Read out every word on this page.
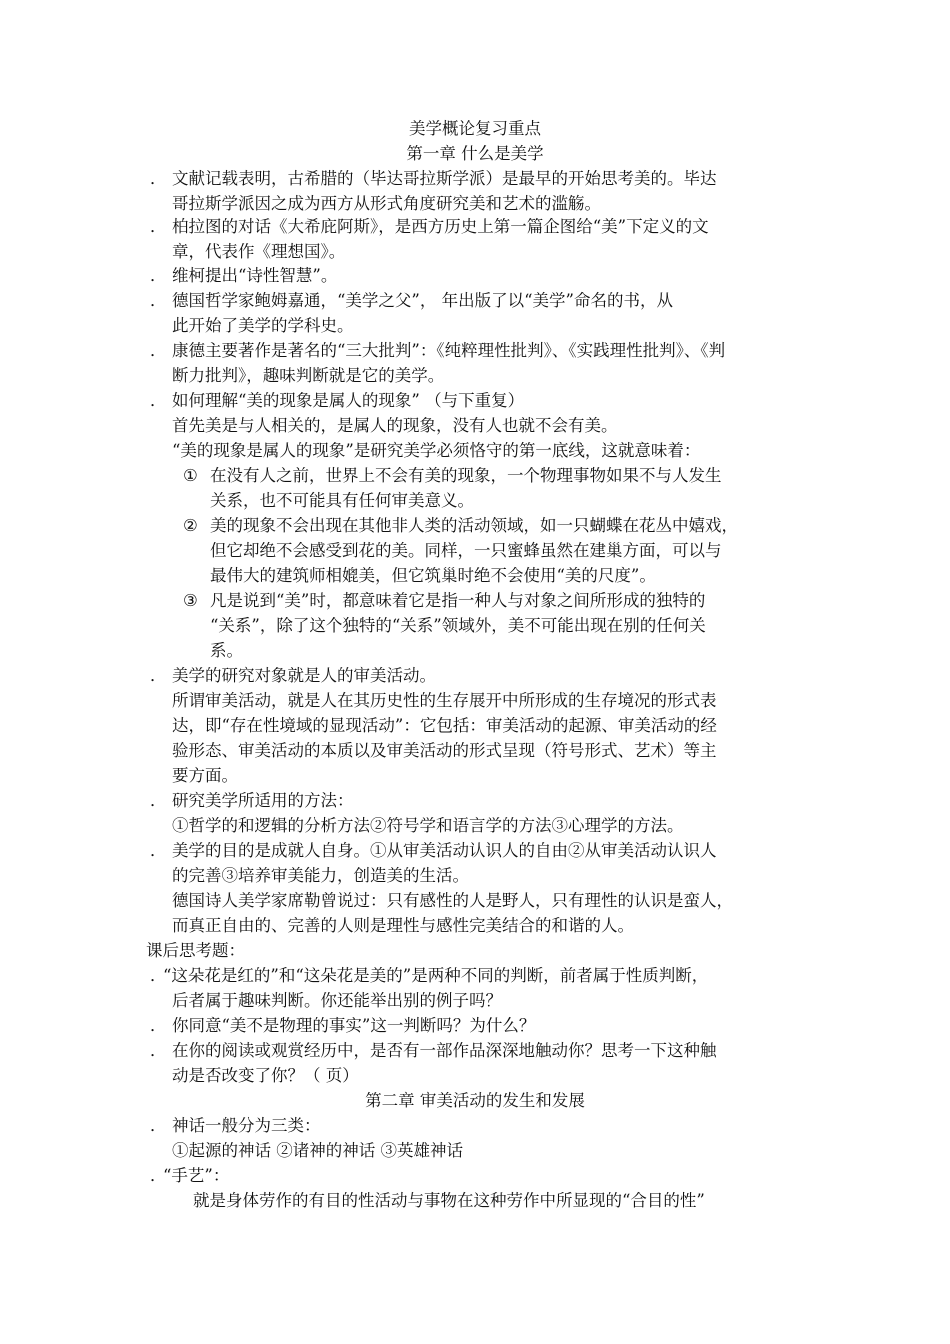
美学概论复习重点
第一章 什么是美学
． 文献记载表明，古希腊的（毕达哥拉斯学派）是最早的开始思考美的。毕达
哥拉斯学派因之成为西方从形式角度研究美和艺术的滥觞。
． 柏拉图的对话《大希庇阿斯》，是西方历史上第一篇企图给“美”下定义的文
章，代表作《理想国》。
． 维柯提出“诗性智慧”。
． 德国哲学家鲍姆嘉通，“美学之父”， 年出版了以“美学”命名的书，从
此开始了美学的学科史。
． 康德主要著作是著名的“三大批判”：《纯粹理性批判》、《实践理性批判》、《判
断力批判》，趣味判断就是它的美学。
． 如何理解“美的现象是属人的现象” （与下重复）
首先美是与人相关的，是属人的现象，没有人也就不会有美。
“美的现象是属人的现象”是研究美学必须恪守的第一底线，这就意味着：
① 在没有人之前，世界上不会有美的现象，一个物理事物如果不与人发生
关系，也不可能具有任何审美意义。
② 美的现象不会出现在其他非人类的活动领域，如一只蝴蝶在花丛中嬉戏，
但它却绝不会感受到花的美。同样，一只蜜蜂虽然在建巢方面，可以与
最伟大的建筑师相媲美，但它筑巢时绝不会使用“美的尺度”。
③ 凡是说到“美”时，都意味着它是指一种人与对象之间所形成的独特的
“关系”，除了这个独特的“关系”领域外，美不可能出现在别的任何关
系。
． 美学的研究对象就是人的审美活动。
所谓审美活动，就是人在其历史性的生存展开中所形成的生存境况的形式表
达，即“存在性境域的显现活动”：它包括：审美活动的起源、审美活动的经
验形态、审美活动的本质以及审美活动的形式呈现（符号形式、艺术）等主
要方面。
． 研究美学所适用的方法：
①哲学的和逻辑的分析方法②符号学和语言学的方法③心理学的方法。
． 美学的目的是成就人自身。①从审美活动认识人的自由②从审美活动认识人
的完善③培养审美能力，创造美的生活。
德国诗人美学家席勒曾说过：只有感性的人是野人，只有理性的认识是蛮人，
而真正自由的、完善的人则是理性与感性完美结合的和谐的人。
课后思考题：
．
“这朵花是红的”和“这朵花是美的”是两种不同的判断，前者属于性质判断，
后者属于趣味判断。你还能举出别的例子吗？
． 你同意“美不是物理的事实”这一判断吗？为什么？
． 在你的阅读或观赏经历中，是否有一部作品深深地触动你？思考一下这种触
动是否改变了你？（ 页）
第二章 审美活动的发生和发展
． 神话一般分为三类：
①起源的神话 ②诸神的神话 ③英雄神话
．
“手艺”：
就是身体劳作的有目的性活动与事物在这种劳作中所显现的“合目的性”
